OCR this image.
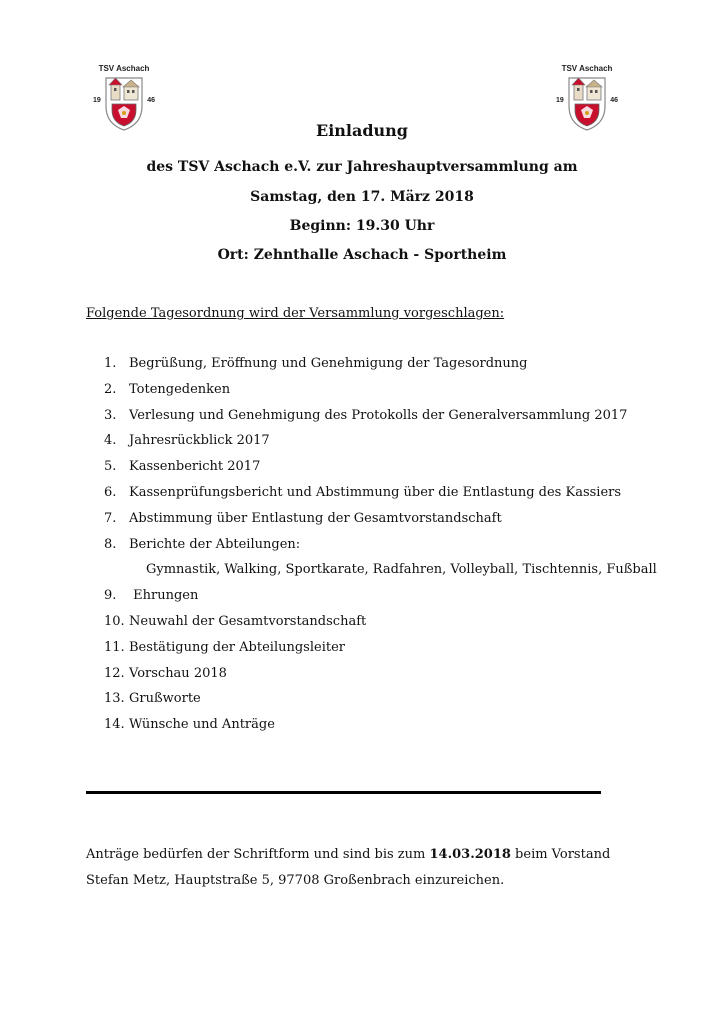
TSV Aschach
19	46
TSV Aschach
19	46
Einladung
des TSV Aschach e.V. zur Jahreshauptversammlung am
Samstag, den 17. März 2018
Beginn: 19.30 Uhr
Ort: Zehnthalle Aschach - Sportheim
Folgende Tagesordnung wird der Versammlung vorgeschlagen:
1. Begrüßung, Eröffnung und Genehmigung der Tagesordnung
2. Totengedenken
3. Verlesung und Genehmigung des Protokolls der Generalversammlung 2017
4. Jahresrückblick 2017
5. Kassenbericht 2017
6. Kassenprüfungsbericht und Abstimmung über die Entlastung des Kassiers
7. Abstimmung über Entlastung der Gesamtvorstandschaft
8. Berichte der Abteilungen:
Gymnastik, Walking, Sportkarate, Radfahren, Volleyball, Tischtennis, Fußball
9. Ehrungen
10. Neuwahl der Gesamtvorstandschaft
11. Bestätigung der Abteilungsleiter
12. Vorschau 2018
13. Grußworte
14. Wünsche und Anträge
Anträge bedürfen der Schriftform und sind bis zum 14.03.2018 beim Vorstand
Stefan Metz, Hauptstraße 5, 97708 Großenbrach einzureichen.
